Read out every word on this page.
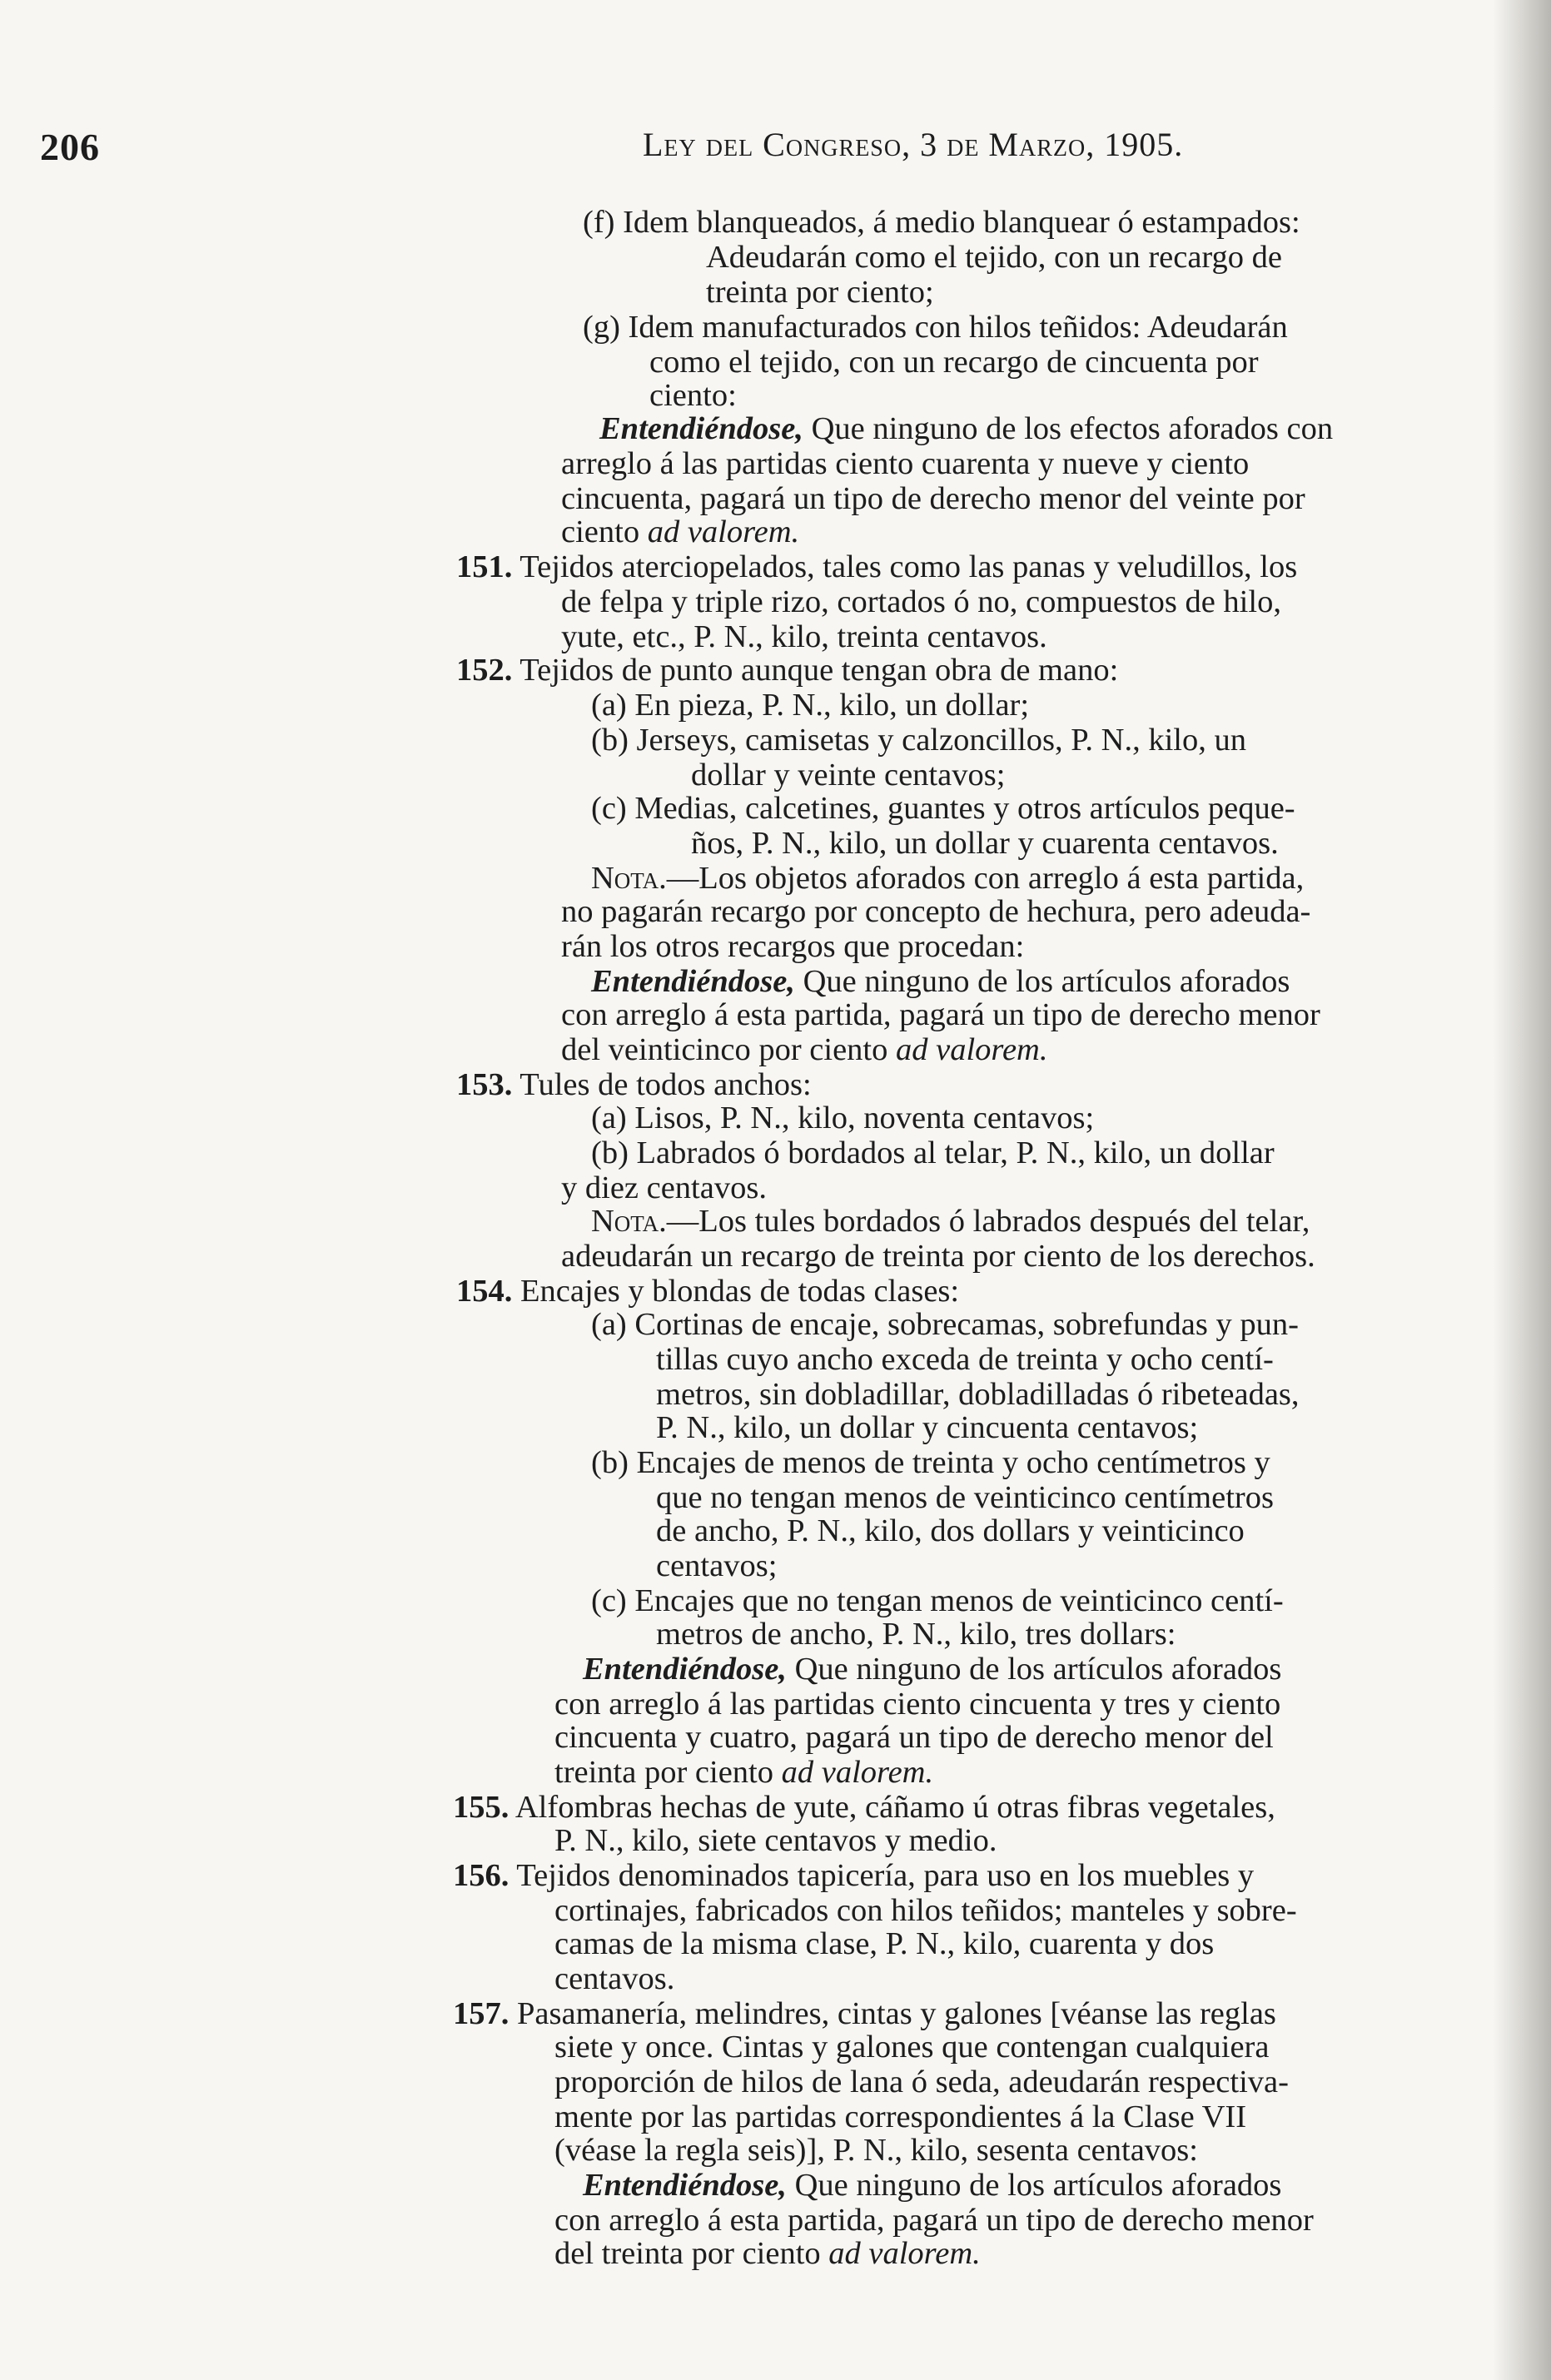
206	Ley del Congreso, 3 de Marzo, 1905.
(f) Idem blanqueados, á medio blanquear ó estampados:
Adeudarán como el tejido, con un recargo de
treinta por ciento;
(g) Idem manufacturados con hilos teñidos: Adeudarán
como el tejido, con un recargo de cincuenta por
ciento:
Entendiéndose, Que ninguno de los efectos aforados con
arreglo á las partidas ciento cuarenta y nueve y ciento
cincuenta, pagará un tipo de derecho menor del veinte por
ciento ad valorem.
151. Tejidos aterciopelados, tales como las panas y veludillos, los
de felpa y triple rizo, cortados ó no, compuestos de hilo,
yute, etc., P. N., kilo, treinta centavos.
152. Tejidos de punto aunque tengan obra de mano:
(a) En pieza, P. N., kilo, un dollar;
(b) Jerseys, camisetas y calzoncillos, P. N., kilo, un
dollar y veinte centavos;
(c) Medias, calcetines, guantes y otros artículos peque-
ños, P. N., kilo, un dollar y cuarenta centavos.
Nota.—Los objetos aforados con arreglo á esta partida,
no pagarán recargo por concepto de hechura, pero adeuda-
rán los otros recargos que procedan:
Entendiéndose, Que ninguno de los artículos aforados
con arreglo á esta partida, pagará un tipo de derecho menor
del veinticinco por ciento ad valorem.
153. Tules de todos anchos:
(a) Lisos, P. N., kilo, noventa centavos;
(b) Labrados ó bordados al telar, P. N., kilo, un dollar
y diez centavos.
Nota.—Los tules bordados ó labrados después del telar,
adeudarán un recargo de treinta por ciento de los derechos.
154. Encajes y blondas de todas clases:
(a) Cortinas de encaje, sobrecamas, sobrefundas y pun-
tillas cuyo ancho exceda de treinta y ocho centí-
metros, sin dobladillar, dobladilladas ó ribeteadas,
P. N., kilo, un dollar y cincuenta centavos;
(b) Encajes de menos de treinta y ocho centímetros y
que no tengan menos de veinticinco centímetros
de ancho, P. N., kilo, dos dollars y veinticinco
centavos;
(c) Encajes que no tengan menos de veinticinco centí-
metros de ancho, P. N., kilo, tres dollars:
Entendiéndose, Que ninguno de los artículos aforados
con arreglo á las partidas ciento cincuenta y tres y ciento
cincuenta y cuatro, pagará un tipo de derecho menor del
treinta por ciento ad valorem.
155. Alfombras hechas de yute, cáñamo ú otras fibras vegetales,
P. N., kilo, siete centavos y medio.
156. Tejidos denominados tapicería, para uso en los muebles y
cortinajes, fabricados con hilos teñidos; manteles y sobre-
camas de la misma clase, P. N., kilo, cuarenta y dos
centavos.
157. Pasamanería, melindres, cintas y galones [véanse las reglas
siete y once. Cintas y galones que contengan cualquiera
proporción de hilos de lana ó seda, adeudarán respectiva-
mente por las partidas correspondientes á la Clase VII
(véase la regla seis)], P. N., kilo, sesenta centavos:
Entendiéndose, Que ninguno de los artículos aforados
con arreglo á esta partida, pagará un tipo de derecho menor
del treinta por ciento ad valorem.
